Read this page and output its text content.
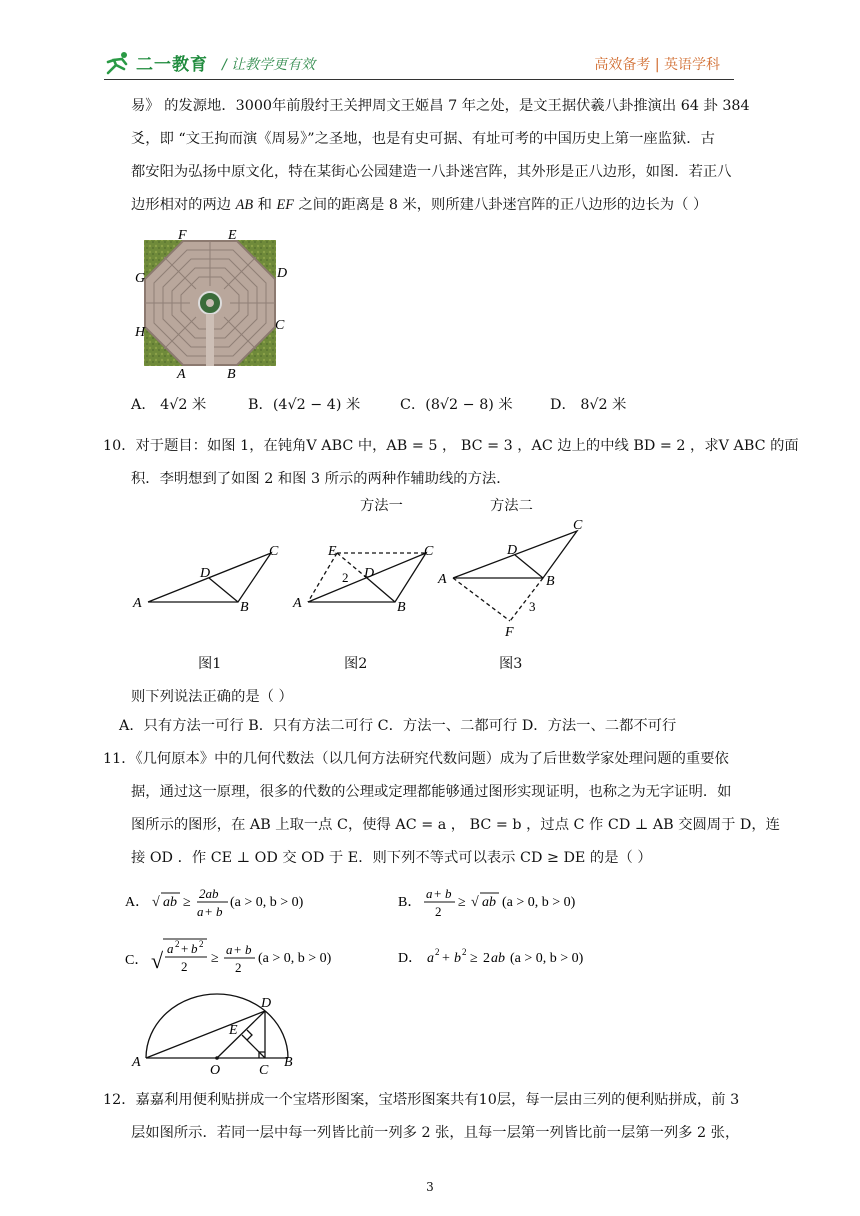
二一教育 / 让教学更有效	高效备考 | 英语学科
易》 的发源地．3000年前殷纣王关押周文王姬昌 7 年之处，是文王据伏羲八卦推演出 64 卦 384
爻，即 “文王拘而演《周易》”之圣地，也是有史可据、有址可考的中国历史上第一座监狱．古
都安阳为弘扬中原文化，特在某街心公园建造一八卦迷宫阵，其外形是正八边形，如图．若正八
边形相对的两边 AB 和 EF 之间的距离是 8 米，则所建八卦迷宫阵的正八边形的边长为（ ）
F	E
G	D
H	C
A	B
A． 4√2 米	B．(4√2 − 4) 米	C．(8√2 − 8) 米	D． 8√2 米
10．对于题目：如图 1，在钝角V ABC 中，AB = 5 ， BC = 3 ，AC 边上的中线 BD = 2 ，求V ABC 的面
积．李明想到了如图 2 和图 3 所示的两种作辅助线的方法．
方法一	方法二
A
C
D
B	A
C
D
B
E
2	A
C
D
B
F
3
图1	图2	图3
则下列说法正确的是（ ）
A．只有方法一可行 B．只有方法二可行 C．方法一、二都可行 D．方法一、二都不可行
11．《几何原本》中的几何代数法（以几何方法研究代数问题）成为了后世数学家处理问题的重要依
据，通过这一原理，很多的代数的公理或定理都能够通过图形实现证明，也称之为无字证明．如
图所示的图形，在 AB 上取一点 C，使得 AC = a ， BC = b ，过点 C 作 CD ⊥ AB 交圆周于 D，连
接 OD ．作 CE ⊥ OD 交 OD 于 E．则下列不等式可以表示 CD ≥ DE 的是（ ）
A． √ ab ≥
2ab
a + b
(a > 0, b > 0)	B．
a + b
2
≥ √ ab (a > 0, b > 0)
C． √ a 2 + b 2
2
≥
a + b
2
(a > 0, b > 0)	D． a 2 + b 2 ≥ 2 ab (a > 0, b > 0)
D
E
A
O	C
B
12．嘉嘉利用便利贴拼成一个宝塔形图案，宝塔形图案共有10层，每一层由三列的便利贴拼成，前 3
层如图所示．若同一层中每一列皆比前一列多 2 张，且每一层第一列皆比前一层第一列多 2 张，
3
